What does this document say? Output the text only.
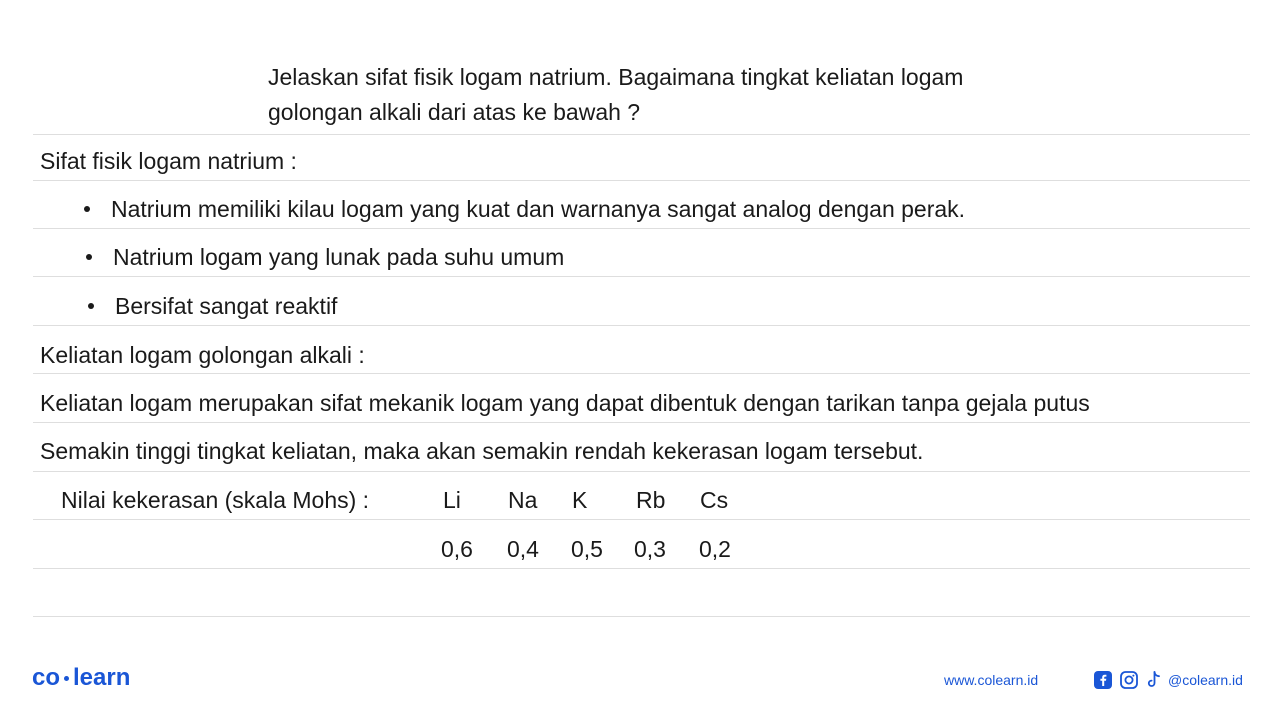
Jelaskan sifat fisik logam natrium. Bagaimana tingkat keliatan logam
golongan alkali dari atas ke bawah ?
Sifat fisik logam natrium :
Natrium memiliki kilau logam yang kuat dan warnanya sangat analog dengan perak.
Natrium logam yang lunak pada suhu umum
Bersifat sangat reaktif
Keliatan logam golongan alkali :
Keliatan logam merupakan sifat mekanik logam yang dapat dibentuk dengan tarikan tanpa gejala putus
Semakin tinggi tingkat keliatan, maka akan semakin rendah kekerasan logam tersebut.
Nilai kekerasan (skala Mohs) :	Li Na K Rb Cs
0,6 0,4 0,5 0,3 0,2
co learn	www.colearn.id	@colearn.id
